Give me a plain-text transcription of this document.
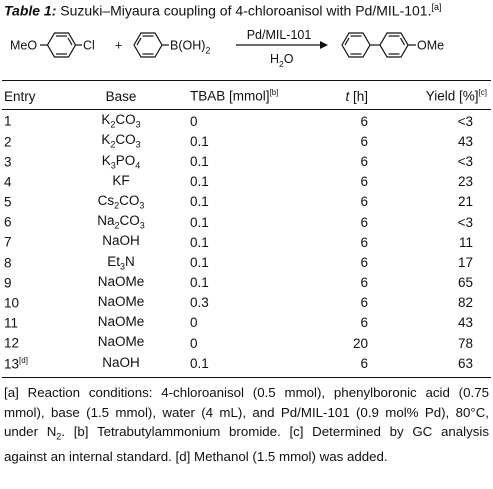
Table 1: Suzuki–Miyaura coupling of 4-chloroanisol with Pd/MIL-101.[a]
MeO	Cl +	$B(OH)_2$
Pd/MIL-101
$H_2O$
OMe
Entry	Base	TBAB [mmol][b]	t [h]	Yield [%][c]
1	$K_2CO_3$	0	6	<3
2	$K_2CO_3$	0.1	6	43
3	$K_3PO_4$	0.1	6	<3
4	KF	0.1	6	23
5	$Cs_2CO_3$	0.1	6	21
6	$Na_2CO_3$	0.1	6	<3
7	NaOH	0.1	6	11
8	$Et_3N$	0.1	6	17
9	NaOMe	0.1	6	65
10	NaOMe	0.3	6	82
11	NaOMe	0	6	43
12	NaOMe	0	20	78
13[d]	NaOH	0.1	6	63
[a] Reaction conditions: 4-chloroanisol (0.5 mmol), phenylboronic acid (0.75 mmol), base (1.5 mmol), water (4 mL), and Pd/MIL-101 (0.9 mol% Pd), 80°C, under $N_2$. [b] Tetrabutylammonium bromide. [c] Determined by GC analysis against an internal standard. [d] Methanol (1.5 mmol) was added.
